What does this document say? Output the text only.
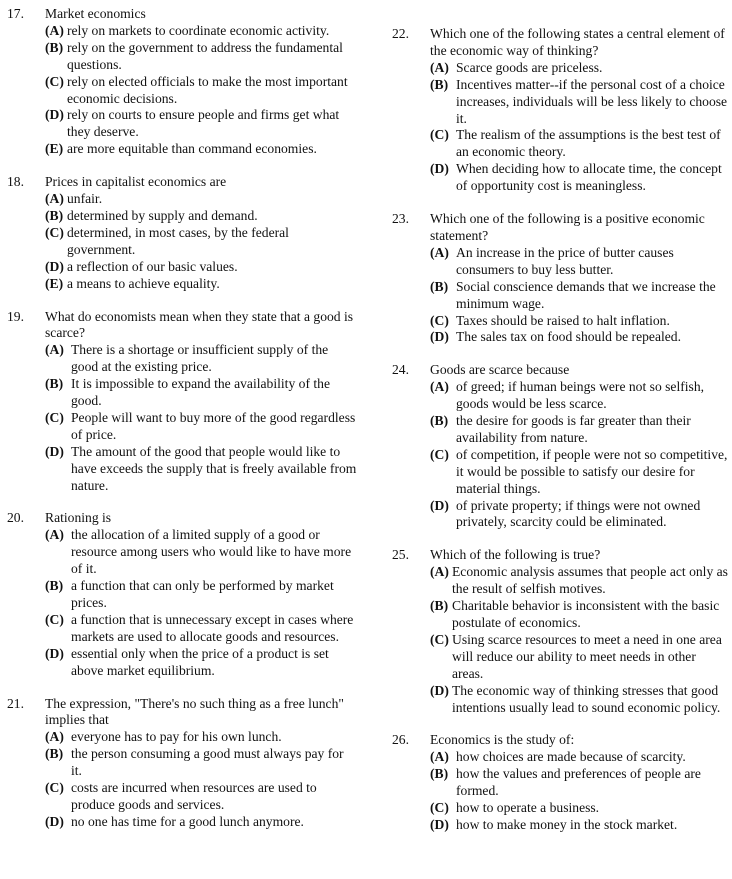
17.	Market economics
(A) rely on markets to coordinate economic activity.
(B) rely on the government to address the fundamental questions.
(C) rely on elected officials to make the most important economic decisions.
(D) rely on courts to ensure people and firms get what they deserve.
(E) are more equitable than command economies.
18.	Prices in capitalist economics are
(A) unfair.
(B) determined by supply and demand.
(C) determined, in most cases, by the federal government.
(D) a reflection of our basic values.
(E) a means to achieve equality.
19.	What do economists mean when they state that a good is scarce?
(A) There is a shortage or insufficient supply of the good at the existing price.
(B) It is impossible to expand the availability of the good.
(C) People will want to buy more of the good regardless of price.
(D) The amount of the good that people would like to have exceeds the supply that is freely available from nature.
20.	Rationing is
(A) the allocation of a limited supply of a good or resource among users who would like to have more of it.
(B) a function that can only be performed by market prices.
(C) a function that is unnecessary except in cases where markets are used to allocate goods and resources.
(D) essential only when the price of a product is set above market equilibrium.
21.	The expression, "There's no such thing as a free lunch" implies that
(A) everyone has to pay for his own lunch.
(B) the person consuming a good must always pay for it.
(C) costs are incurred when resources are used to produce goods and services.
(D) no one has time for a good lunch anymore.
22.	Which one of the following states a central element of the economic way of thinking?
(A) Scarce goods are priceless.
(B) Incentives matter--if the personal cost of a choice increases, individuals will be less likely to choose it.
(C) The realism of the assumptions is the best test of an economic theory.
(D) When deciding how to allocate time, the concept of opportunity cost is meaningless.
23.	Which one of the following is a positive economic statement?
(A) An increase in the price of butter causes consumers to buy less butter.
(B) Social conscience demands that we increase the minimum wage.
(C) Taxes should be raised to halt inflation.
(D) The sales tax on food should be repealed.
24.	Goods are scarce because
(A) of greed; if human beings were not so selfish, goods would be less scarce.
(B) the desire for goods is far greater than their availability from nature.
(C) of competition, if people were not so competitive, it would be possible to satisfy our desire for material things.
(D) of private property; if things were not owned privately, scarcity could be eliminated.
25.	Which of the following is true?
(A) Economic analysis assumes that people act only as the result of selfish motives.
(B) Charitable behavior is inconsistent with the basic postulate of economics.
(C) Using scarce resources to meet a need in one area will reduce our ability to meet needs in other areas.
(D) The economic way of thinking stresses that good intentions usually lead to sound economic policy.
26.	Economics is the study of:
(A) how choices are made because of scarcity.
(B) how the values and preferences of people are formed.
(C) how to operate a business.
(D) how to make money in the stock market.
